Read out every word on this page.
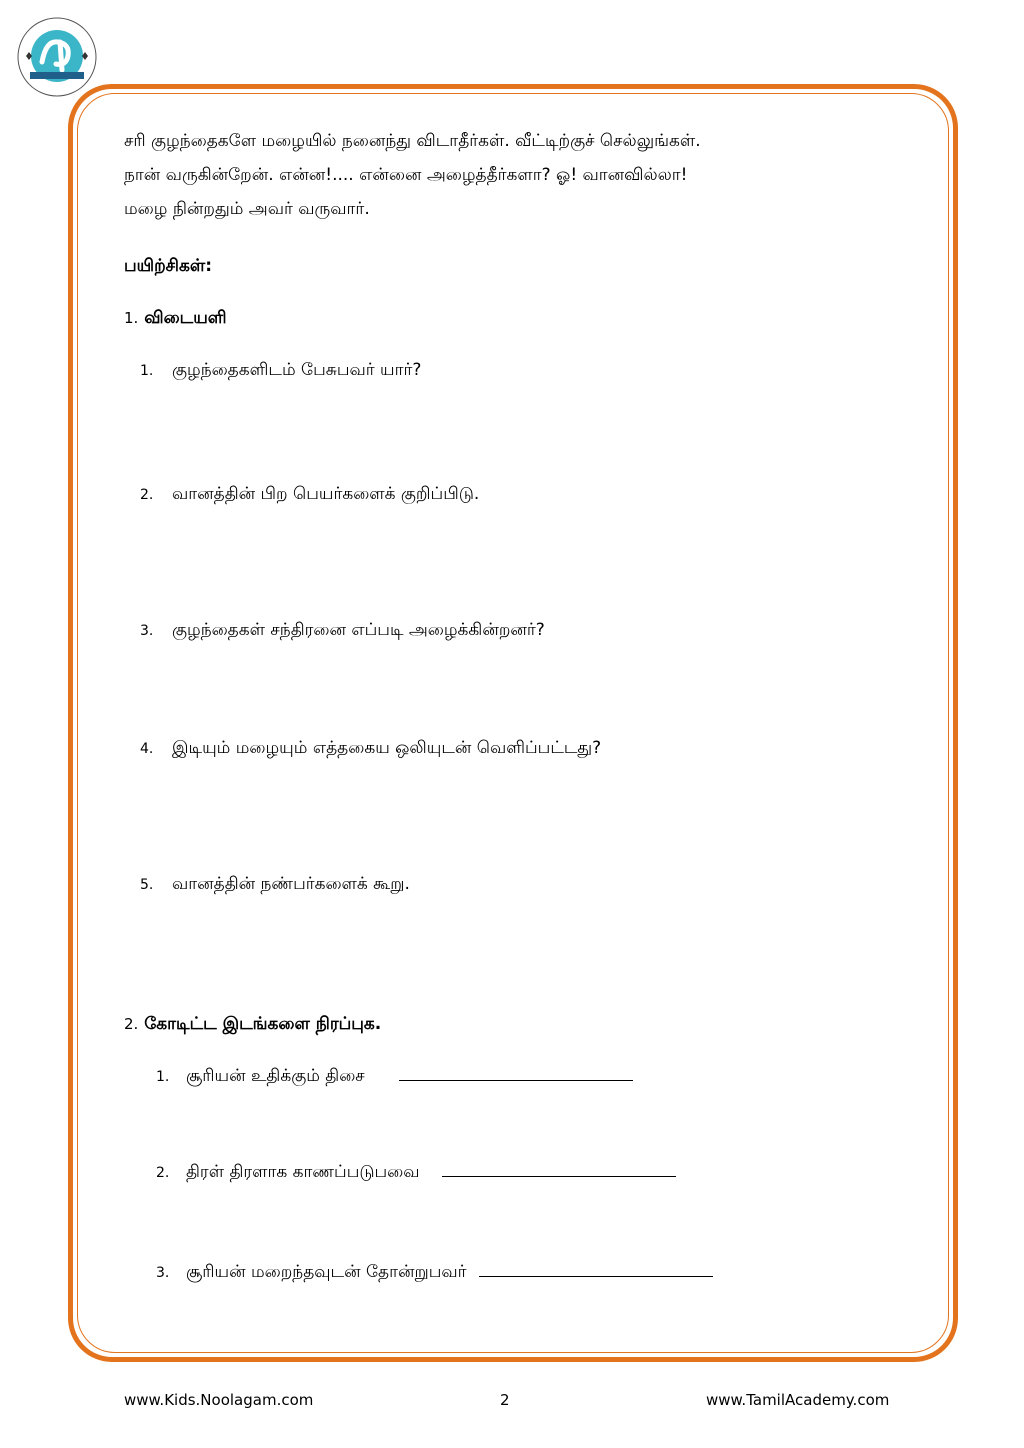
சரி குழந்தைகளே மழையில் நனைந்து விடாதீர்கள். வீட்டிற்குச் செல்லுங்கள்.

நான் வருகின்றேன். என்ன!.... என்னை அழைத்தீர்களா? ஓ! வானவில்லா!

மழை நின்றதும் அவர் வருவார்.

பயிற்சிகள்:
1. விடையளி
1. குழந்தைகளிடம் பேசுபவர் யார்?
2. வானத்தின் பிற பெயர்களைக் குறிப்பிடு.
3. குழந்தைகள் சந்திரனை எப்படி அழைக்கின்றனர்?
4. இடியும் மழையும் எத்தகைய ஒலியுடன் வெளிப்பட்டது?
5. வானத்தின் நண்பர்களைக் கூறு.
2. கோடிட்ட இடங்களை நிரப்புக.
1. சூரியன் உதிக்கும் திசை
2. திரள் திரளாக காணப்படுபவை
3. சூரியன் மறைந்தவுடன் தோன்றுபவர்
www.Kids.Noolagam.com	2	www.TamilAcademy.com
